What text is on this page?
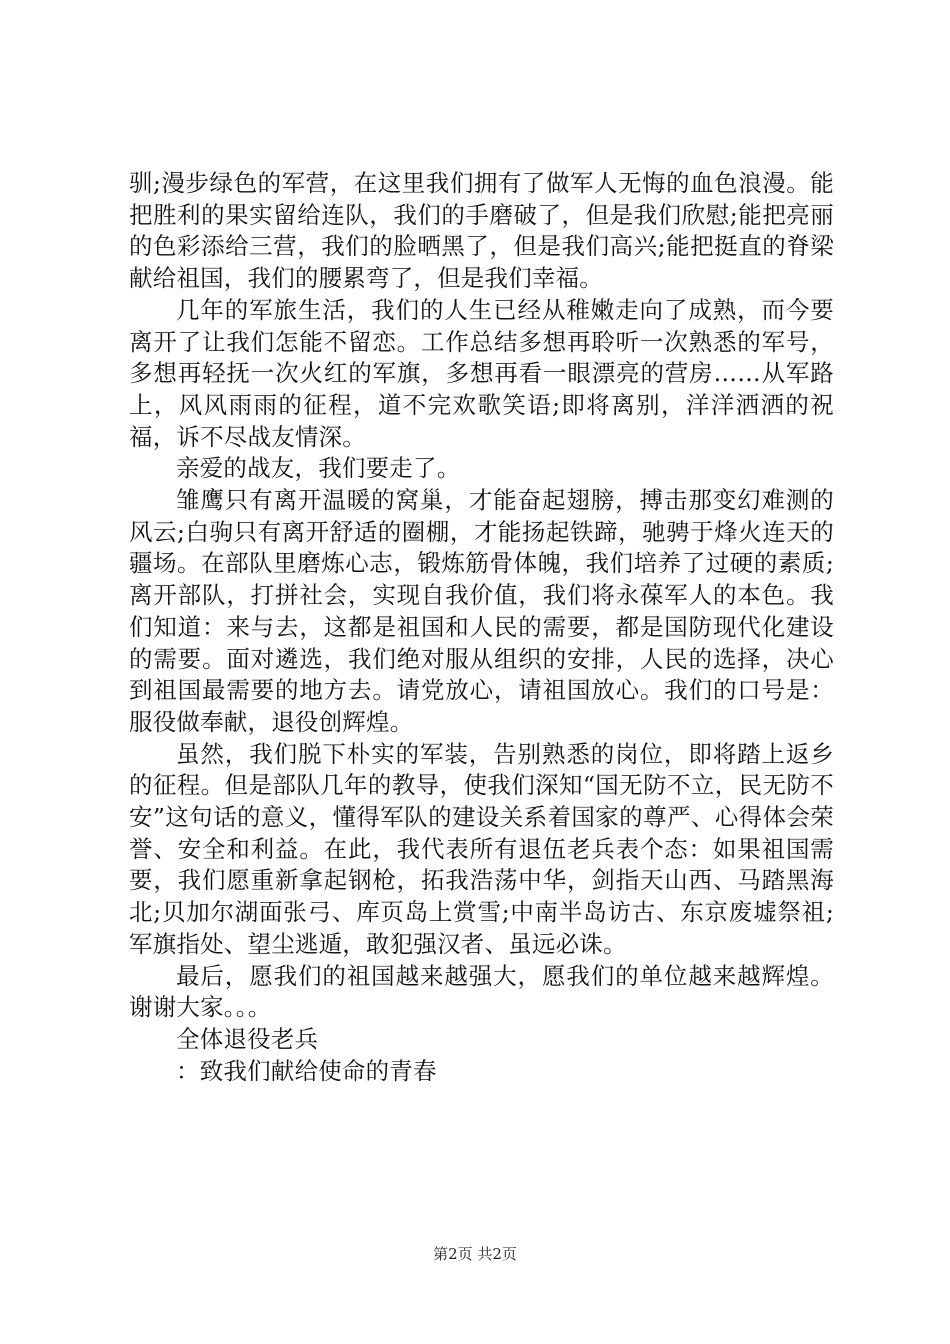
驯;漫步绿色的军营，在这里我们拥有了做军人无悔的血色浪漫。能把胜利的果实留给连队，我们的手磨破了，但是我们欣慰;能把亮丽的色彩添给三营，我们的脸晒黑了，但是我们高兴;能把挺直的脊梁献给祖国，我们的腰累弯了，但是我们幸福。

几年的军旅生活，我们的人生已经从稚嫩走向了成熟，而今要离开了让我们怎能不留恋。工作总结多想再聆听一次熟悉的军号，多想再轻抚一次火红的军旗，多想再看一眼漂亮的营房……从军路上，风风雨雨的征程，道不完欢歌笑语;即将离别，洋洋洒洒的祝福，诉不尽战友情深。

亲爱的战友，我们要走了。

雏鹰只有离开温暖的窝巢，才能奋起翅膀，搏击那变幻难测的风云;白驹只有离开舒适的圈棚，才能扬起铁蹄，驰骋于烽火连天的疆场。在部队里磨炼心志，锻炼筋骨体魄，我们培养了过硬的素质;离开部队，打拼社会，实现自我价值，我们将永葆军人的本色。我们知道：来与去，这都是祖国和人民的需要，都是国防现代化建设的需要。面对遴选，我们绝对服从组织的安排，人民的选择，决心到祖国最需要的地方去。请党放心，请祖国放心。我们的口号是：服役做奉献，退役创辉煌。

虽然，我们脱下朴实的军装，告别熟悉的岗位，即将踏上返乡的征程。但是部队几年的教导，使我们深知“国无防不立，民无防不安”这句话的意义，懂得军队的建设关系着国家的尊严、心得体会荣誉、安全和利益。在此，我代表所有退伍老兵表个态：如果祖国需要，我们愿重新拿起钢枪，拓我浩荡中华，剑指天山西、马踏黑海北;贝加尔湖面张弓、库页岛上赏雪;中南半岛访古、东京废墟祭祖;军旗指处、望尘逃遁，敢犯强汉者、虽远必诛。

最后，愿我们的祖国越来越强大，愿我们的单位越来越辉煌。谢谢大家。。。

全体退役老兵

：致我们献给使命的青春

第2页 共2页
